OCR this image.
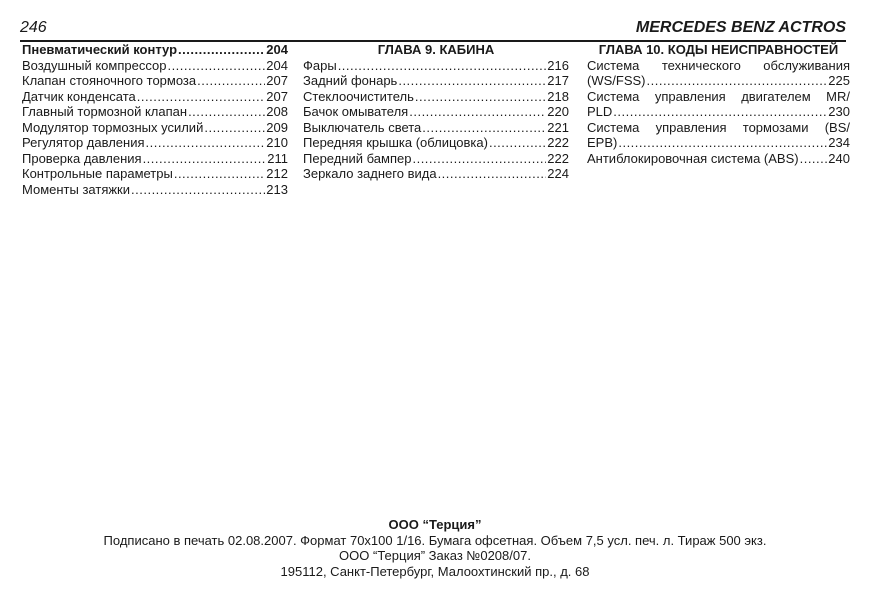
246	MERCEDES BENZ ACTROS
Пневматический контур .....	204
Воздушный компрессор .....	204
Клапан стояночного тормоза .....	207
Датчик конденсата .....	207
Главный тормозной клапан .....	208
Модулятор тормозных усилий .....	209
Регулятор давления .....	210
Проверка давления .....	211
Контрольные параметры .....	212
Моменты затяжки .....	213
ГЛАВА 9. КАБИНА
Фары .....	216
Задний фонарь .....	217
Стеклоочиститель .....	218
Бачок омывателя .....	220
Выключатель света .....	221
Передняя крышка (облицовка) .....	222
Передний бампер .....	222
Зеркало заднего вида .....	224
ГЛАВА 10. КОДЫ НЕИСПРАВНОСТЕЙ
Система технического обслуживания
(WS/FSS) .....	225
Система управления двигателем MR/
PLD .....	230
Система управления тормозами (BS/
EPB) .....	234
Антиблокировочная система (ABS) ..... 240
ООО “Терция”
Подписано в печать 02.08.2007. Формат 70x100 1/16. Бумага офсетная. Объем 7,5 усл. печ. л. Тираж 500 экз.
ООО “Терция” Заказ №0208/07.
195112, Санкт-Петербург, Малоохтинский пр., д. 68
